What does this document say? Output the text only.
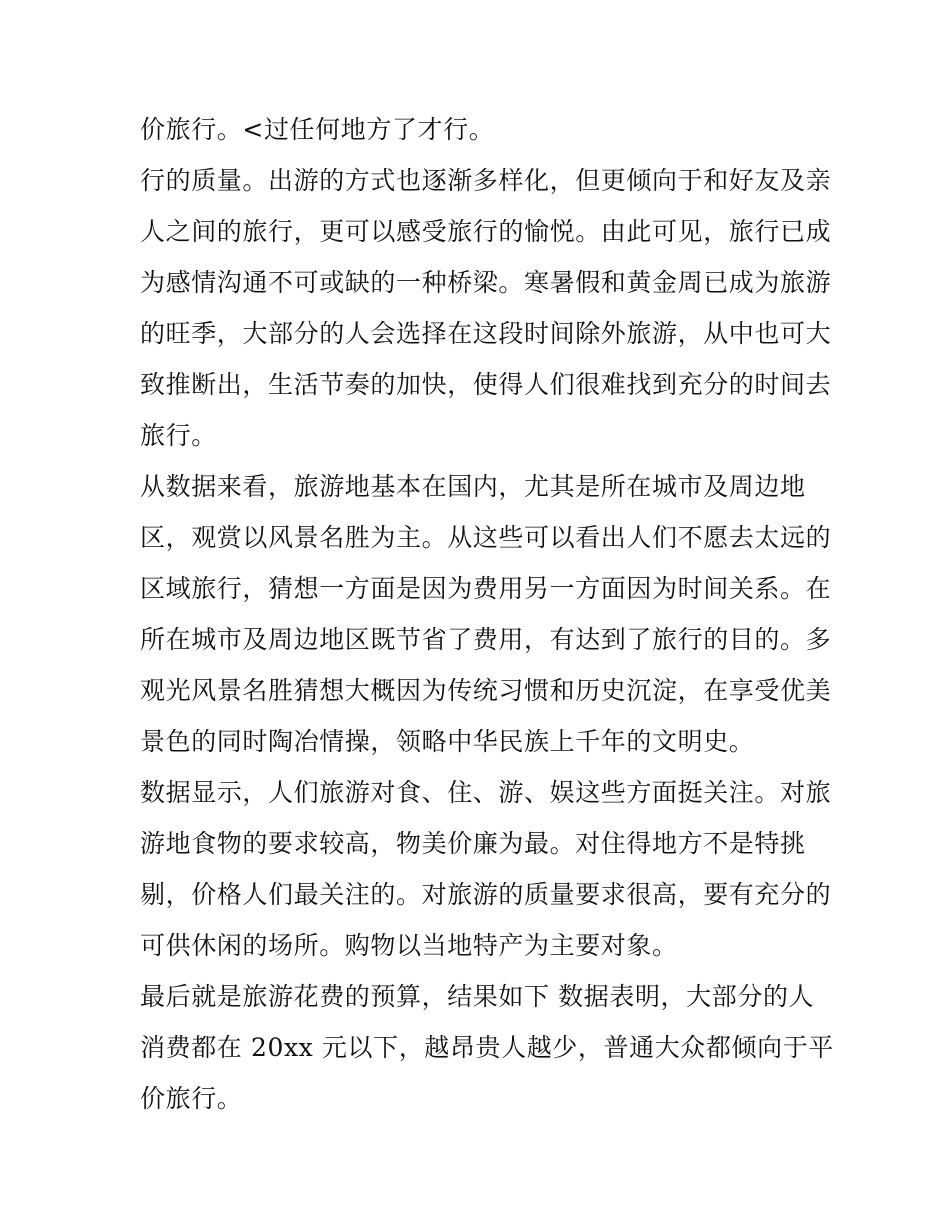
价旅行。<过任何地方了才行。

行的质量。出游的方式也逐渐多样化，但更倾向于和好友及亲

人之间的旅行，更可以感受旅行的愉悦。由此可见，旅行已成

为感情沟通不可或缺的一种桥梁。寒暑假和黄金周已成为旅游

的旺季，大部分的人会选择在这段时间除外旅游，从中也可大

致推断出，生活节奏的加快，使得人们很难找到充分的时间去

旅行。

从数据来看，旅游地基本在国内，尤其是所在城市及周边地

区，观赏以风景名胜为主。从这些可以看出人们不愿去太远的

区域旅行，猜想一方面是因为费用另一方面因为时间关系。在

所在城市及周边地区既节省了费用，有达到了旅行的目的。多

观光风景名胜猜想大概因为传统习惯和历史沉淀，在享受优美

景色的同时陶冶情操，领略中华民族上千年的文明史。

数据显示，人们旅游对食、住、游、娱这些方面挺关注。对旅

游地食物的要求较高，物美价廉为最。对住得地方不是特挑

剔，价格人们最关注的。对旅游的质量要求很高，要有充分的

可供休闲的场所。购物以当地特产为主要对象。

最后就是旅游花费的预算，结果如下 数据表明，大部分的人

消费都在 20xx 元以下，越昂贵人越少，普通大众都倾向于平

价旅行。
